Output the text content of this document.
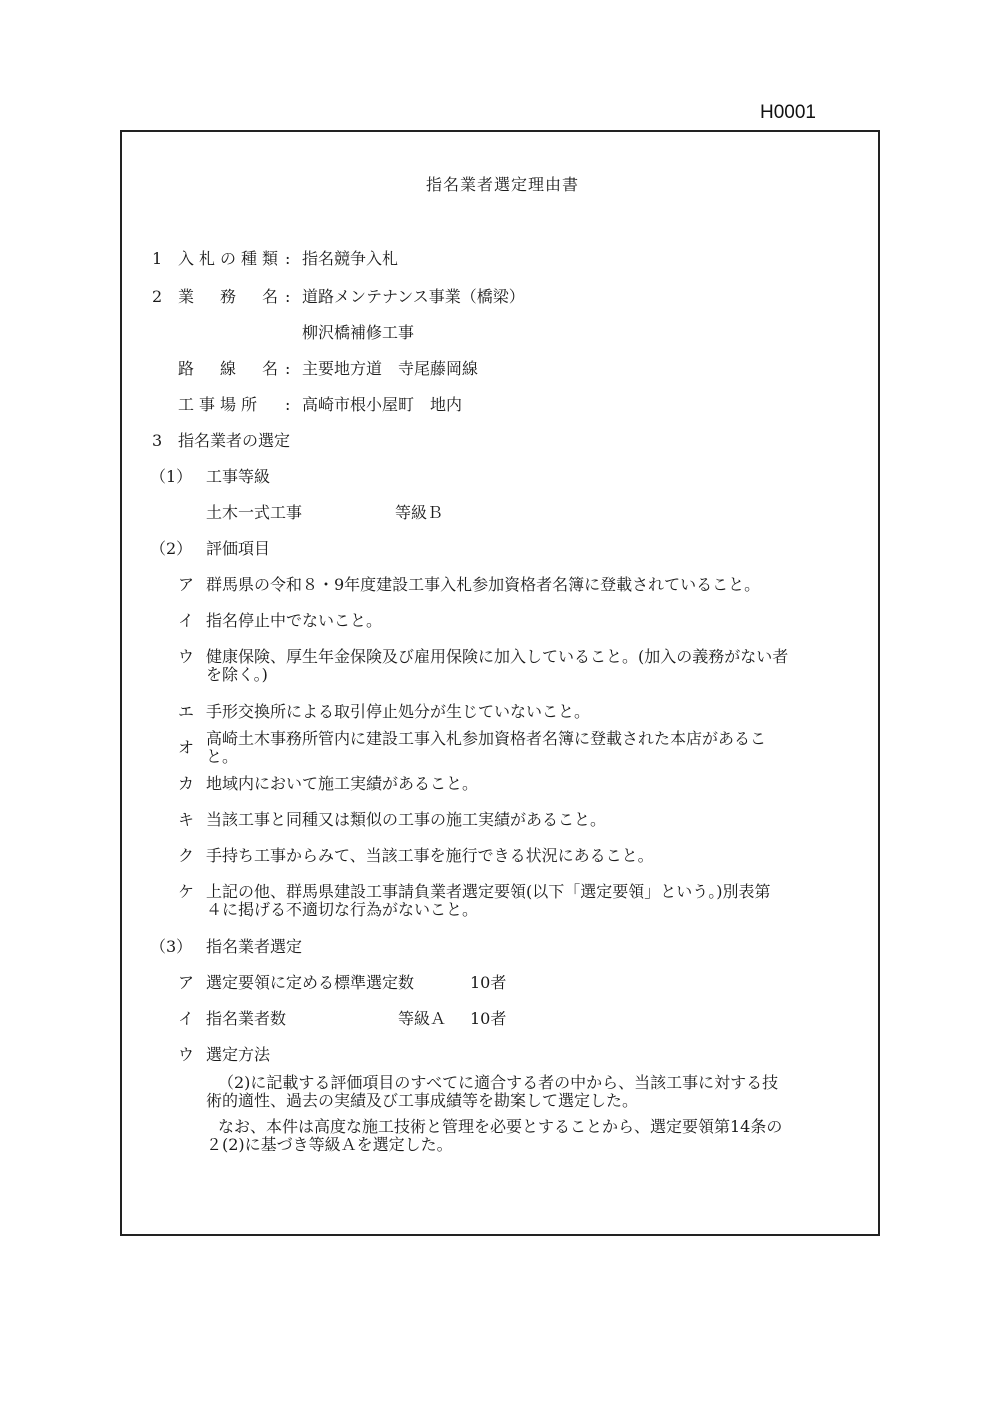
H0001
指名業者選定理由書
1 入札の種類 : 指名競争入札
2 業 務 名 : 道路メンテナンス事業（橋梁）
柳沢橋補修工事
路 線 名 : 主要地方道　寺尾藤岡線
工事場所 : 高崎市根小屋町　地内
3 指名業者の選定
（1） 工事等級
土木一式工事	等級Ｂ
（2） 評価項目
ア 群馬県の令和８・9年度建設工事入札参加資格者名簿に登載されていること。
イ 指名停止中でないこと。
ウ 健康保険、厚生年金保険及び雇用保険に加入していること。(加入の義務がない者
を除く。)
エ 手形交換所による取引停止処分が生じていないこと。
オ 高崎土木事務所管内に建設工事入札参加資格者名簿に登載された本店があるこ
と。
カ 地域内において施工実績があること。
キ 当該工事と同種又は類似の工事の施工実績があること。
ク 手持ち工事からみて、当該工事を施行できる状況にあること。
ケ 上記の他、群馬県建設工事請負業者選定要領(以下「選定要領」という。)別表第
４に掲げる不適切な行為がないこと。
（3） 指名業者選定
ア 選定要領に定める標準選定数	10者
イ 指名業者数	等級Ａ 10者
ウ 選定方法
（2)に記載する評価項目のすべてに適合する者の中から、当該工事に対する技
術的適性、過去の実績及び工事成績等を勘案して選定した。
なお、本件は高度な施工技術と管理を必要とすることから、選定要領第14条の
２(2)に基づき等級Ａを選定した。
